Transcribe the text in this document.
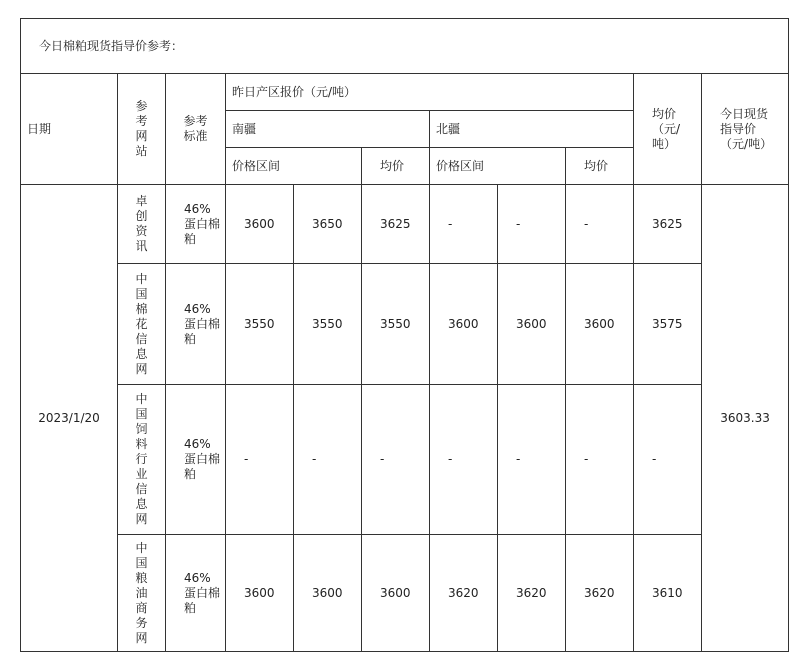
今日棉粕现货指导价参考：										
日期	参考网站	参考标准	昨日产区报价（元/吨）						均价（元/吨）	今日现货指导价（元/吨）
			南疆			北疆				
			价格区间		均价	价格区间		均价		
2023/1/20	卓创资讯	46%蛋白棉粕	3600	3650	3625	-	-	-	3625	3603.33
	中国棉花信息网	46%蛋白棉粕	3550	3550	3550	3600	3600	3600	3575	
	中国饲料行业信息网	46%蛋白棉粕	-	-	-	-	-	-	-	
	中国粮油商务网	46%蛋白棉粕	3600	3600	3600	3620	3620	3620	3610	
